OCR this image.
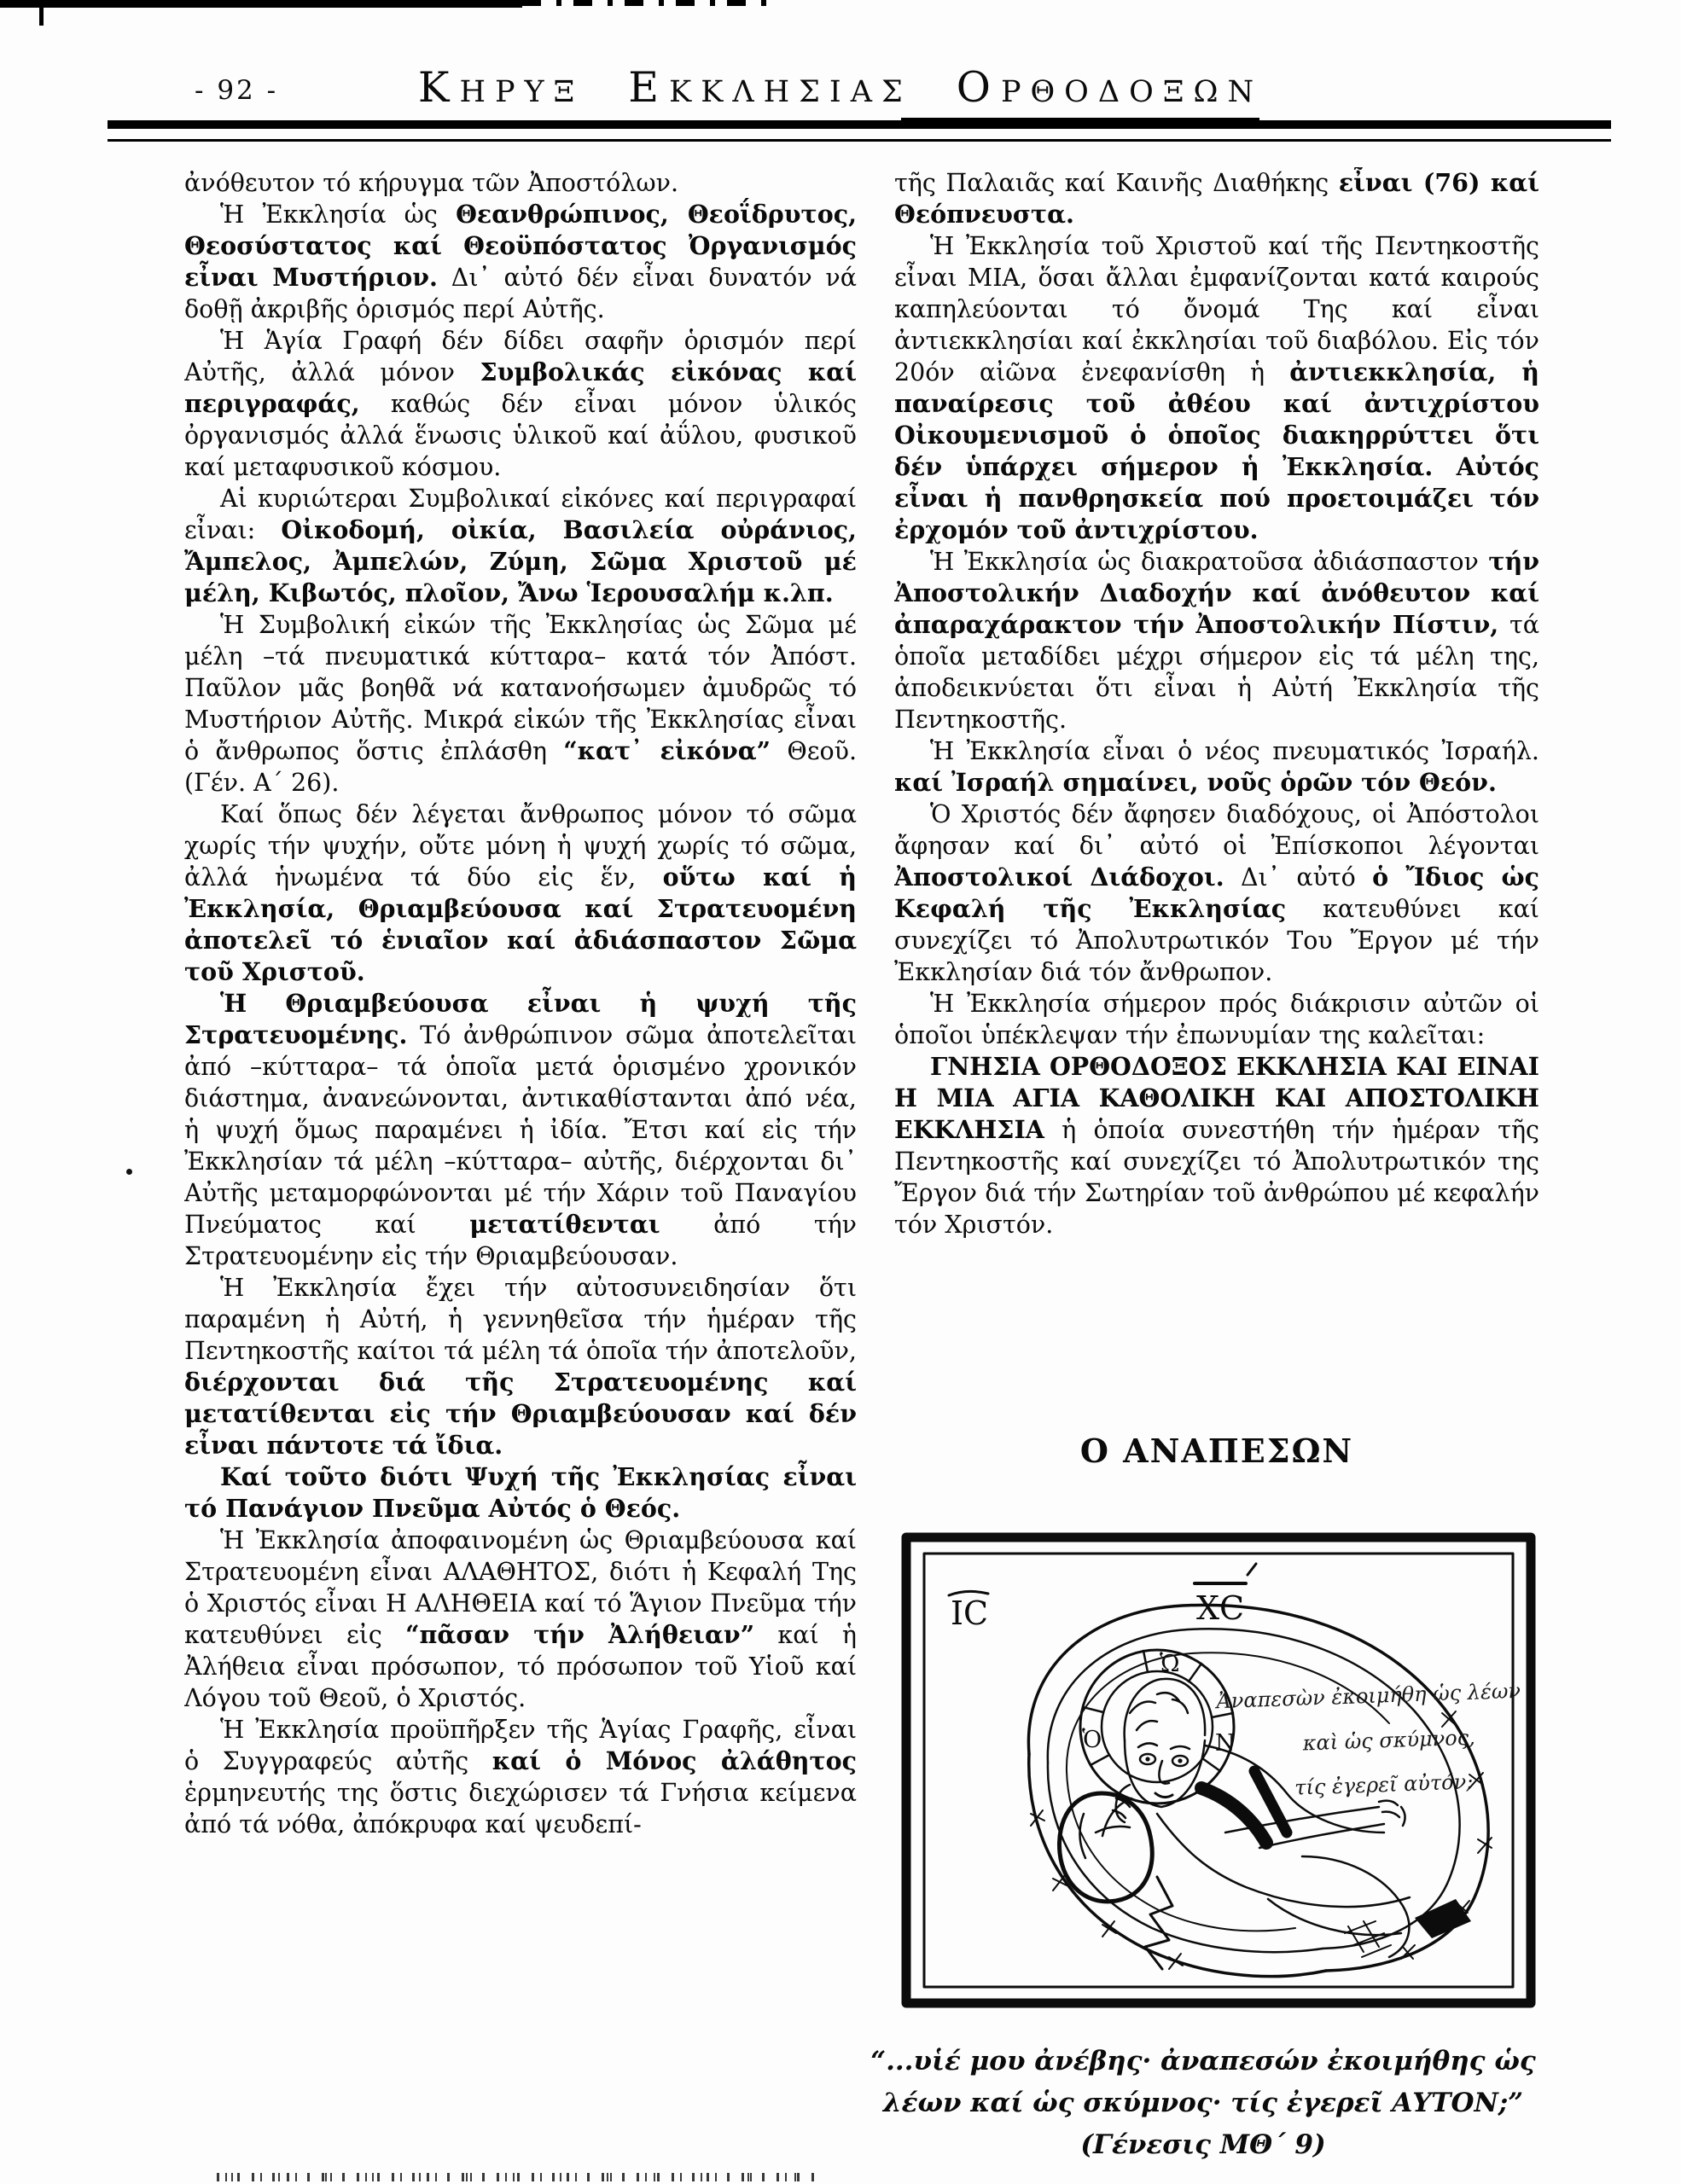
- 92 -	ΚΗΡΥΞ ΕΚΚΛΗΣΙΑΣ ΟΡΘΟΔΟΞΩΝ

ἀνόθευτον τό κήρυγμα τῶν Ἀποστόλων.

Ἡ Ἐκκλησία ὡς Θεανθρώπινος, Θεοΐδρυτος, Θεοσύστατος καί Θεοϋπόστατος Ὀργανισμός εἶναι Μυστήριον. Δι᾽ αὐτό δέν εἶναι δυνατόν νά δοθῇ ἀκριβῆς ὁρισμός περί Αὐτῆς.

Ἡ Ἁγία Γραφή δέν δίδει σαφῆν ὁρισμόν περί Αὐτῆς, ἀλλά μόνον Συμβολικάς εἰκόνας καί περιγραφάς, καθώς δέν εἶναι μόνον ὑλικός ὀργανισμός ἀλλά ἕνωσις ὑλικοῦ καί ἀΰλου, φυσικοῦ καί μεταφυσικοῦ κόσμου.

Αἱ κυριώτεραι Συμβολικαί εἰκόνες καί περιγραφαί εἶναι: Οἰκοδομή, οἰκία, Βασιλεία οὐράνιος, Ἄμπελος, Ἀμπελών, Ζύμη, Σῶμα Χριστοῦ μέ μέλη, Κιβωτός, πλοῖον, Ἄνω Ἱερουσαλήμ κ.λπ.

Ἡ Συμβολική εἰκών τῆς Ἐκκλησίας ὡς Σῶμα μέ μέλη –τά πνευματικά κύτταρα– κατά τόν Ἀπόστ. Παῦλον μᾶς βοηθᾶ νά κατανοήσωμεν ἀμυδρῶς τό Μυστήριον Αὐτῆς. Μικρά εἰκών τῆς Ἐκκλησίας εἶναι ὁ ἄνθρωπος ὅστις ἐπλάσθη “κατ᾽ εἰκόνα” Θεοῦ. (Γέν. Α´ 26).

Καί ὅπως δέν λέγεται ἄνθρωπος μόνον τό σῶμα χωρίς τήν ψυχήν, οὔτε μόνη ἡ ψυχή χωρίς τό σῶμα, ἀλλά ἡνωμένα τά δύο εἰς ἕν, οὕτω καί ἡ Ἐκκλησία, Θριαμβεύουσα καί Στρατευομένη ἀποτελεῖ τό ἑνιαῖον καί ἀδιάσπαστον Σῶμα τοῦ Χριστοῦ.

Ἡ Θριαμβεύουσα εἶναι ἡ ψυχή τῆς Στρατευομένης. Τό ἀνθρώπινον σῶμα ἀποτελεῖται ἀπό –κύτταρα– τά ὁποῖα μετά ὁρισμένο χρονικόν διάστημα, ἀνανεώνονται, ἀντικαθίστανται ἀπό νέα, ἡ ψυχή ὅμως παραμένει ἡ ἰδία. Ἔτσι καί εἰς τήν Ἐκκλησίαν τά μέλη –κύτταρα– αὐτῆς, διέρχονται δι᾽ Αὐτῆς μεταμορφώνονται μέ τήν Χάριν τοῦ Παναγίου Πνεύματος καί μετατίθενται ἀπό τήν Στρατευομένην εἰς τήν Θριαμβεύουσαν.

Ἡ Ἐκκλησία ἔχει τήν αὐτοσυνειδησίαν ὅτι παραμένη ἡ Αὐτή, ἡ γεννηθεῖσα τήν ἡμέραν τῆς Πεντηκοστῆς καίτοι τά μέλη τά ὁποῖα τήν ἀποτελοῦν, διέρχονται διά τῆς Στρατευομένης καί μετατίθενται εἰς τήν Θριαμβεύουσαν καί δέν εἶναι πάντοτε τά ἴδια.

Καί τοῦτο διότι Ψυχή τῆς Ἐκκλησίας εἶναι τό Πανάγιον Πνεῦμα Αὐτός ὁ Θεός.

Ἡ Ἐκκλησία ἀποφαινομένη ὡς Θριαμβεύουσα καί Στρατευομένη εἶναι ΑΛΑΘΗΤΟΣ, διότι ἡ Κεφαλή Της ὁ Χριστός εἶναι Η ΑΛΗΘΕΙΑ καί τό Ἅγιον Πνεῦμα τήν κατευθύνει εἰς “πᾶσαν τήν Ἀλήθειαν” καί ἡ Ἀλήθεια εἶναι πρόσωπον, τό πρόσωπον τοῦ Υἱοῦ καί Λόγου τοῦ Θεοῦ, ὁ Χριστός.

Ἡ Ἐκκλησία προϋπῆρξεν τῆς Ἁγίας Γραφῆς, εἶναι ὁ Συγγραφεύς αὐτῆς καί ὁ Μόνος ἀλάθητος ἑρμηνευτής της ὅστις διεχώρισεν τά Γνήσια κείμενα ἀπό τά νόθα, ἀπόκρυφα καί ψευδεπί-

τῆς Παλαιᾶς καί Καινῆς Διαθήκης εἶναι (76) καί Θεόπνευστα.

Ἡ Ἐκκλησία τοῦ Χριστοῦ καί τῆς Πεντηκοστῆς εἶναι ΜΙΑ, ὅσαι ἄλλαι ἐμφανίζονται κατά καιρούς καπηλεύονται τό ὄνομά Της καί εἶναι ἀντιεκκλησίαι καί ἐκκλησίαι τοῦ διαβόλου. Εἰς τόν 20όν αἰῶνα ἐνεφανίσθη ἡ ἀντιεκκλησία, ἡ παναίρεσις τοῦ ἀθέου καί ἀντιχρίστου Οἰκουμενισμοῦ ὁ ὁποῖος διακηρρύττει ὅτι δέν ὑπάρχει σήμερον ἡ Ἐκκλησία. Αὐτός εἶναι ἡ πανθρησκεία πού προετοιμάζει τόν ἐρχομόν τοῦ ἀντιχρίστου.

Ἡ Ἐκκλησία ὡς διακρατοῦσα ἀδιάσπαστον τήν Ἀποστολικήν Διαδοχήν καί ἀνόθευτον καί ἀπαραχάρακτον τήν Ἀποστολικήν Πίστιν, τά ὁποῖα μεταδίδει μέχρι σήμερον εἰς τά μέλη της, ἀποδεικνύεται ὅτι εἶναι ἡ Αὐτή Ἐκκλησία τῆς Πεντηκοστῆς.

Ἡ Ἐκκλησία εἶναι ὁ νέος πνευματικός Ἰσραήλ. καί Ἰσραήλ σημαίνει, νοῦς ὁρῶν τόν Θεόν.

Ὁ Χριστός δέν ἄφησεν διαδόχους, οἱ Ἀπόστολοι ἄφησαν καί δι᾽ αὐτό οἱ Ἐπίσκοποι λέγονται Ἀποστολικοί Διάδοχοι. Δι᾽ αὐτό ὁ Ἴδιος ὡς Κεφαλή τῆς Ἐκκλησίας κατευθύνει καί συνεχίζει τό Ἀπολυτρωτικόν Του Ἔργον μέ τήν Ἐκκλησίαν διά τόν ἄνθρωπον.

Ἡ Ἐκκλησία σήμερον πρός διάκρισιν αὐτῶν οἱ ὁποῖοι ὑπέκλεψαν τήν ἐπωνυμίαν της καλεῖται:

ΓΝΗΣΙΑ ΟΡΘΟΔΟΞΟΣ ΕΚΚΛΗΣΙΑ ΚΑΙ ΕΙΝΑΙ Η ΜΙΑ ΑΓΙΑ ΚΑΘΟΛΙΚΗ ΚΑΙ ΑΠΟΣΤΟΛΙΚΗ ΕΚΚΛΗΣΙΑ ἡ ὁποία συνεστήθη τήν ἡμέραν τῆς Πεντηκοστῆς καί συνεχίζει τό Ἀπολυτρωτικόν της Ἔργον διά τήν Σωτηρίαν τοῦ ἀνθρώπου μέ κεφαλήν τόν Χριστόν.

Ο ΑΝΑΠΕΣΩΝ
ΙC	ΧC
Ὡ
Ὁ	Ν
Ἀναπεσὼν ἐκοιμήθη ὡς λέων
καὶ ὡς σκύμνος,
τίς ἐγερεῖ αὐτόν;
“...υἱέ μου ἀνέβης· ἀναπεσών ἐκοιμήθης ὡς
λέων καί ὡς σκύμνος· τίς ἐγερεῖ ΑΥΤΟΝ;”
(Γένεσις ΜΘ´ 9)
